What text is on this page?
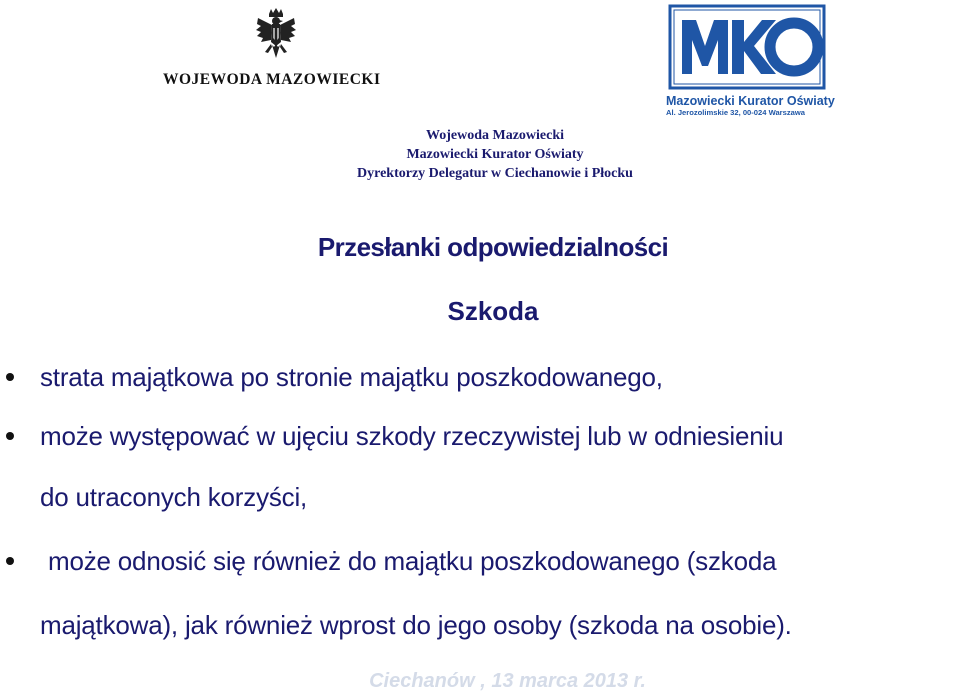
WOJEWODA MAZOWIECKI
Mazowiecki Kurator Oświaty
Al. Jerozolimskie 32, 00-024 Warszawa
Wojewoda Mazowiecki
Mazowiecki Kurator Oświaty
Dyrektorzy Delegatur w Ciechanowie i Płocku
Przesłanki odpowiedzialności
Szkoda
strata majątkowa po stronie majątku poszkodowanego,
może występować w ujęciu szkody rzeczywistej lub w odniesieniu
do utraconych korzyści,
może odnosić się również do majątku poszkodowanego (szkoda
majątkowa), jak również wprost do jego osoby (szkoda na osobie).
Ciechanów , 13 marca 2013 r.
